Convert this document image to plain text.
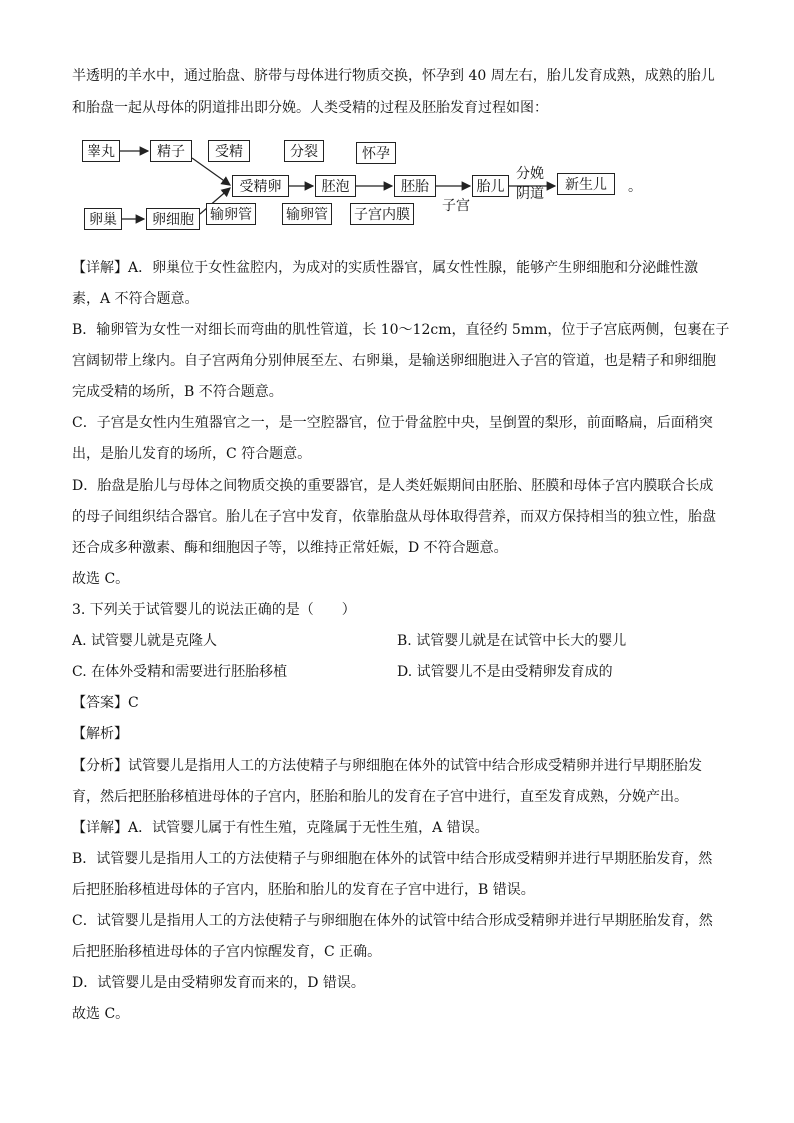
半透明的羊水中，通过胎盘、脐带与母体进行物质交换，怀孕到 40 周左右，胎儿发育成熟，成熟的胎儿
和胎盘一起从母体的阴道排出即分娩。人类受精的过程及胚胎发育过程如图：
睾丸	精子
卵巢	卵细胞
受精	分裂	怀孕
受精卵	胚泡	胚胎	胎儿	新生儿	。
输卵管 输卵管 子宫内膜
子宫
分娩
阴道
【详解】A．卵巢位于女性盆腔内，为成对的实质性器官，属女性性腺，能够产生卵细胞和分泌雌性激
素，A 不符合题意。
B．输卵管为女性一对细长而弯曲的肌性管道，长 10～12cm，直径约 5mm，位于子宫底两侧，包裹在子
宫阔韧带上缘内。自子宫两角分别伸展至左、右卵巢，是输送卵细胞进入子宫的管道，也是精子和卵细胞
完成受精的场所，B 不符合题意。
C．子宫是女性内生殖器官之一，是一空腔器官，位于骨盆腔中央，呈倒置的梨形，前面略扁，后面稍突
出，是胎儿发育的场所，C 符合题意。
D．胎盘是胎儿与母体之间物质交换的重要器官，是人类妊娠期间由胚胎、胚膜和母体子宫内膜联合长成
的母子间组织结合器官。胎儿在子宫中发育，依靠胎盘从母体取得营养，而双方保持相当的独立性，胎盘
还合成多种激素、酶和细胞因子等，以维持正常妊娠，D 不符合题意。
故选 C。
3. 下列关于试管婴儿的说法正确的是（　　）
A. 试管婴儿就是克隆人	B. 试管婴儿就是在试管中长大的婴儿
C. 在体外受精和需要进行胚胎移植	D. 试管婴儿不是由受精卵发育成的
【答案】C
【解析】
【分析】试管婴儿是指用人工的方法使精子与卵细胞在体外的试管中结合形成受精卵并进行早期胚胎发
育，然后把胚胎移植进母体的子宫内，胚胎和胎儿的发育在子宫中进行，直至发育成熟，分娩产出。
【详解】A．试管婴儿属于有性生殖，克隆属于无性生殖，A 错误。
B．试管婴儿是指用人工的方法使精子与卵细胞在体外的试管中结合形成受精卵并进行早期胚胎发育，然
后把胚胎移植进母体的子宫内，胚胎和胎儿的发育在子宫中进行，B 错误。
C．试管婴儿是指用人工的方法使精子与卵细胞在体外的试管中结合形成受精卵并进行早期胚胎发育，然
后把胚胎移植进母体的子宫内惊醒发育，C 正确。
D．试管婴儿是由受精卵发育而来的，D 错误。
故选 C。
